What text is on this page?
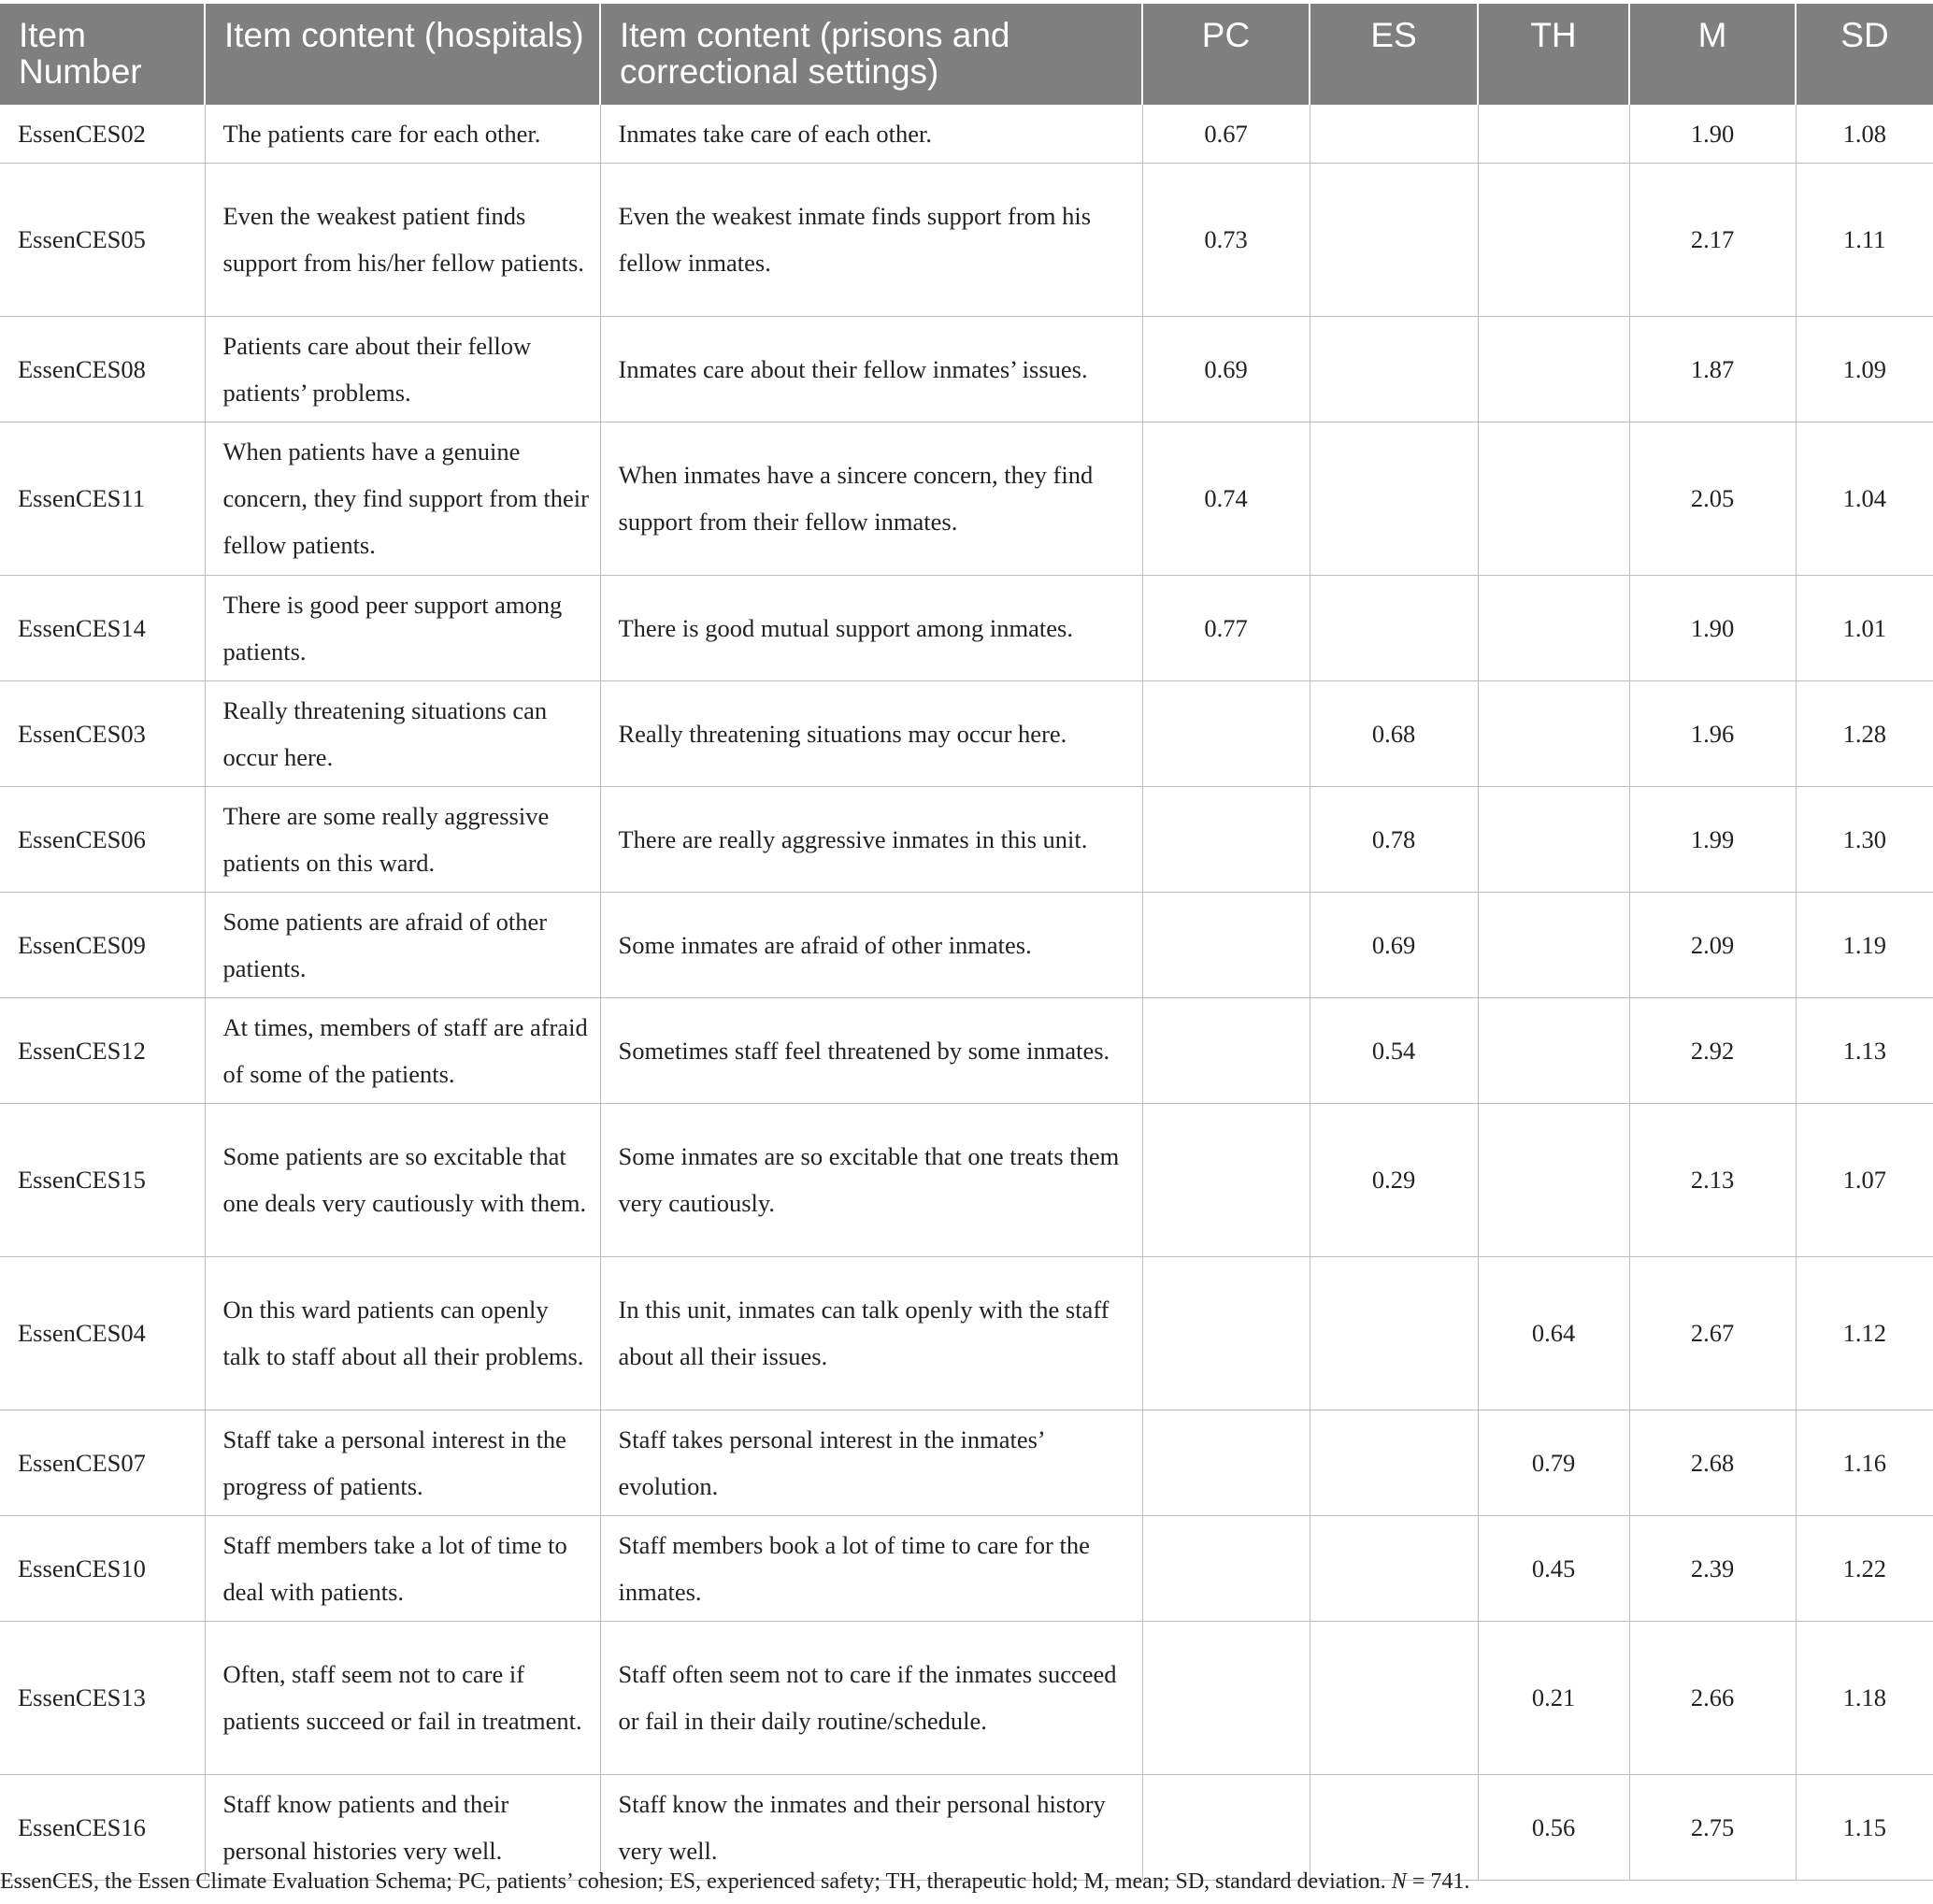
Item Number	Item content (hospitals)	Item content (prisons and correctional settings)	PC	ES	TH	M	SD
EssenCES02	The patients care for each other.	Inmates take care of each other.	0.67			1.90	1.08
EssenCES05	Even the weakest patient finds support from his/her fellow patients.	Even the weakest inmate finds support from his fellow inmates.	0.73			2.17	1.11
EssenCES08	Patients care about their fellow patients’ problems.	Inmates care about their fellow inmates’ issues.	0.69			1.87	1.09
EssenCES11	When patients have a genuine concern, they find support from their fellow patients.	When inmates have a sincere concern, they find support from their fellow inmates.	0.74			2.05	1.04
EssenCES14	There is good peer support among patients.	There is good mutual support among inmates.	0.77			1.90	1.01
EssenCES03	Really threatening situations can occur here.	Really threatening situations may occur here.		0.68		1.96	1.28
EssenCES06	There are some really aggressive patients on this ward.	There are really aggressive inmates in this unit.		0.78		1.99	1.30
EssenCES09	Some patients are afraid of other patients.	Some inmates are afraid of other inmates.		0.69		2.09	1.19
EssenCES12	At times, members of staff are afraid of some of the patients.	Sometimes staff feel threatened by some inmates.		0.54		2.92	1.13
EssenCES15	Some patients are so excitable that one deals very cautiously with them.	Some inmates are so excitable that one treats them very cautiously.		0.29		2.13	1.07
EssenCES04	On this ward patients can openly talk to staff about all their problems.	In this unit, inmates can talk openly with the staff about all their issues.			0.64	2.67	1.12
EssenCES07	Staff take a personal interest in the progress of patients.	Staff takes personal interest in the inmates’ evolution.			0.79	2.68	1.16
EssenCES10	Staff members take a lot of time to deal with patients.	Staff members book a lot of time to care for the inmates.			0.45	2.39	1.22
EssenCES13	Often, staff seem not to care if patients succeed or fail in treatment.	Staff often seem not to care if the inmates succeed or fail in their daily routine/schedule.			0.21	2.66	1.18
EssenCES16	Staff know patients and their personal histories very well.	Staff know the inmates and their personal history very well.			0.56	2.75	1.15
EssenCES, the Essen Climate Evaluation Schema; PC, patients’ cohesion; ES, experienced safety; TH, therapeutic hold; M, mean; SD, standard deviation. N = 741.
